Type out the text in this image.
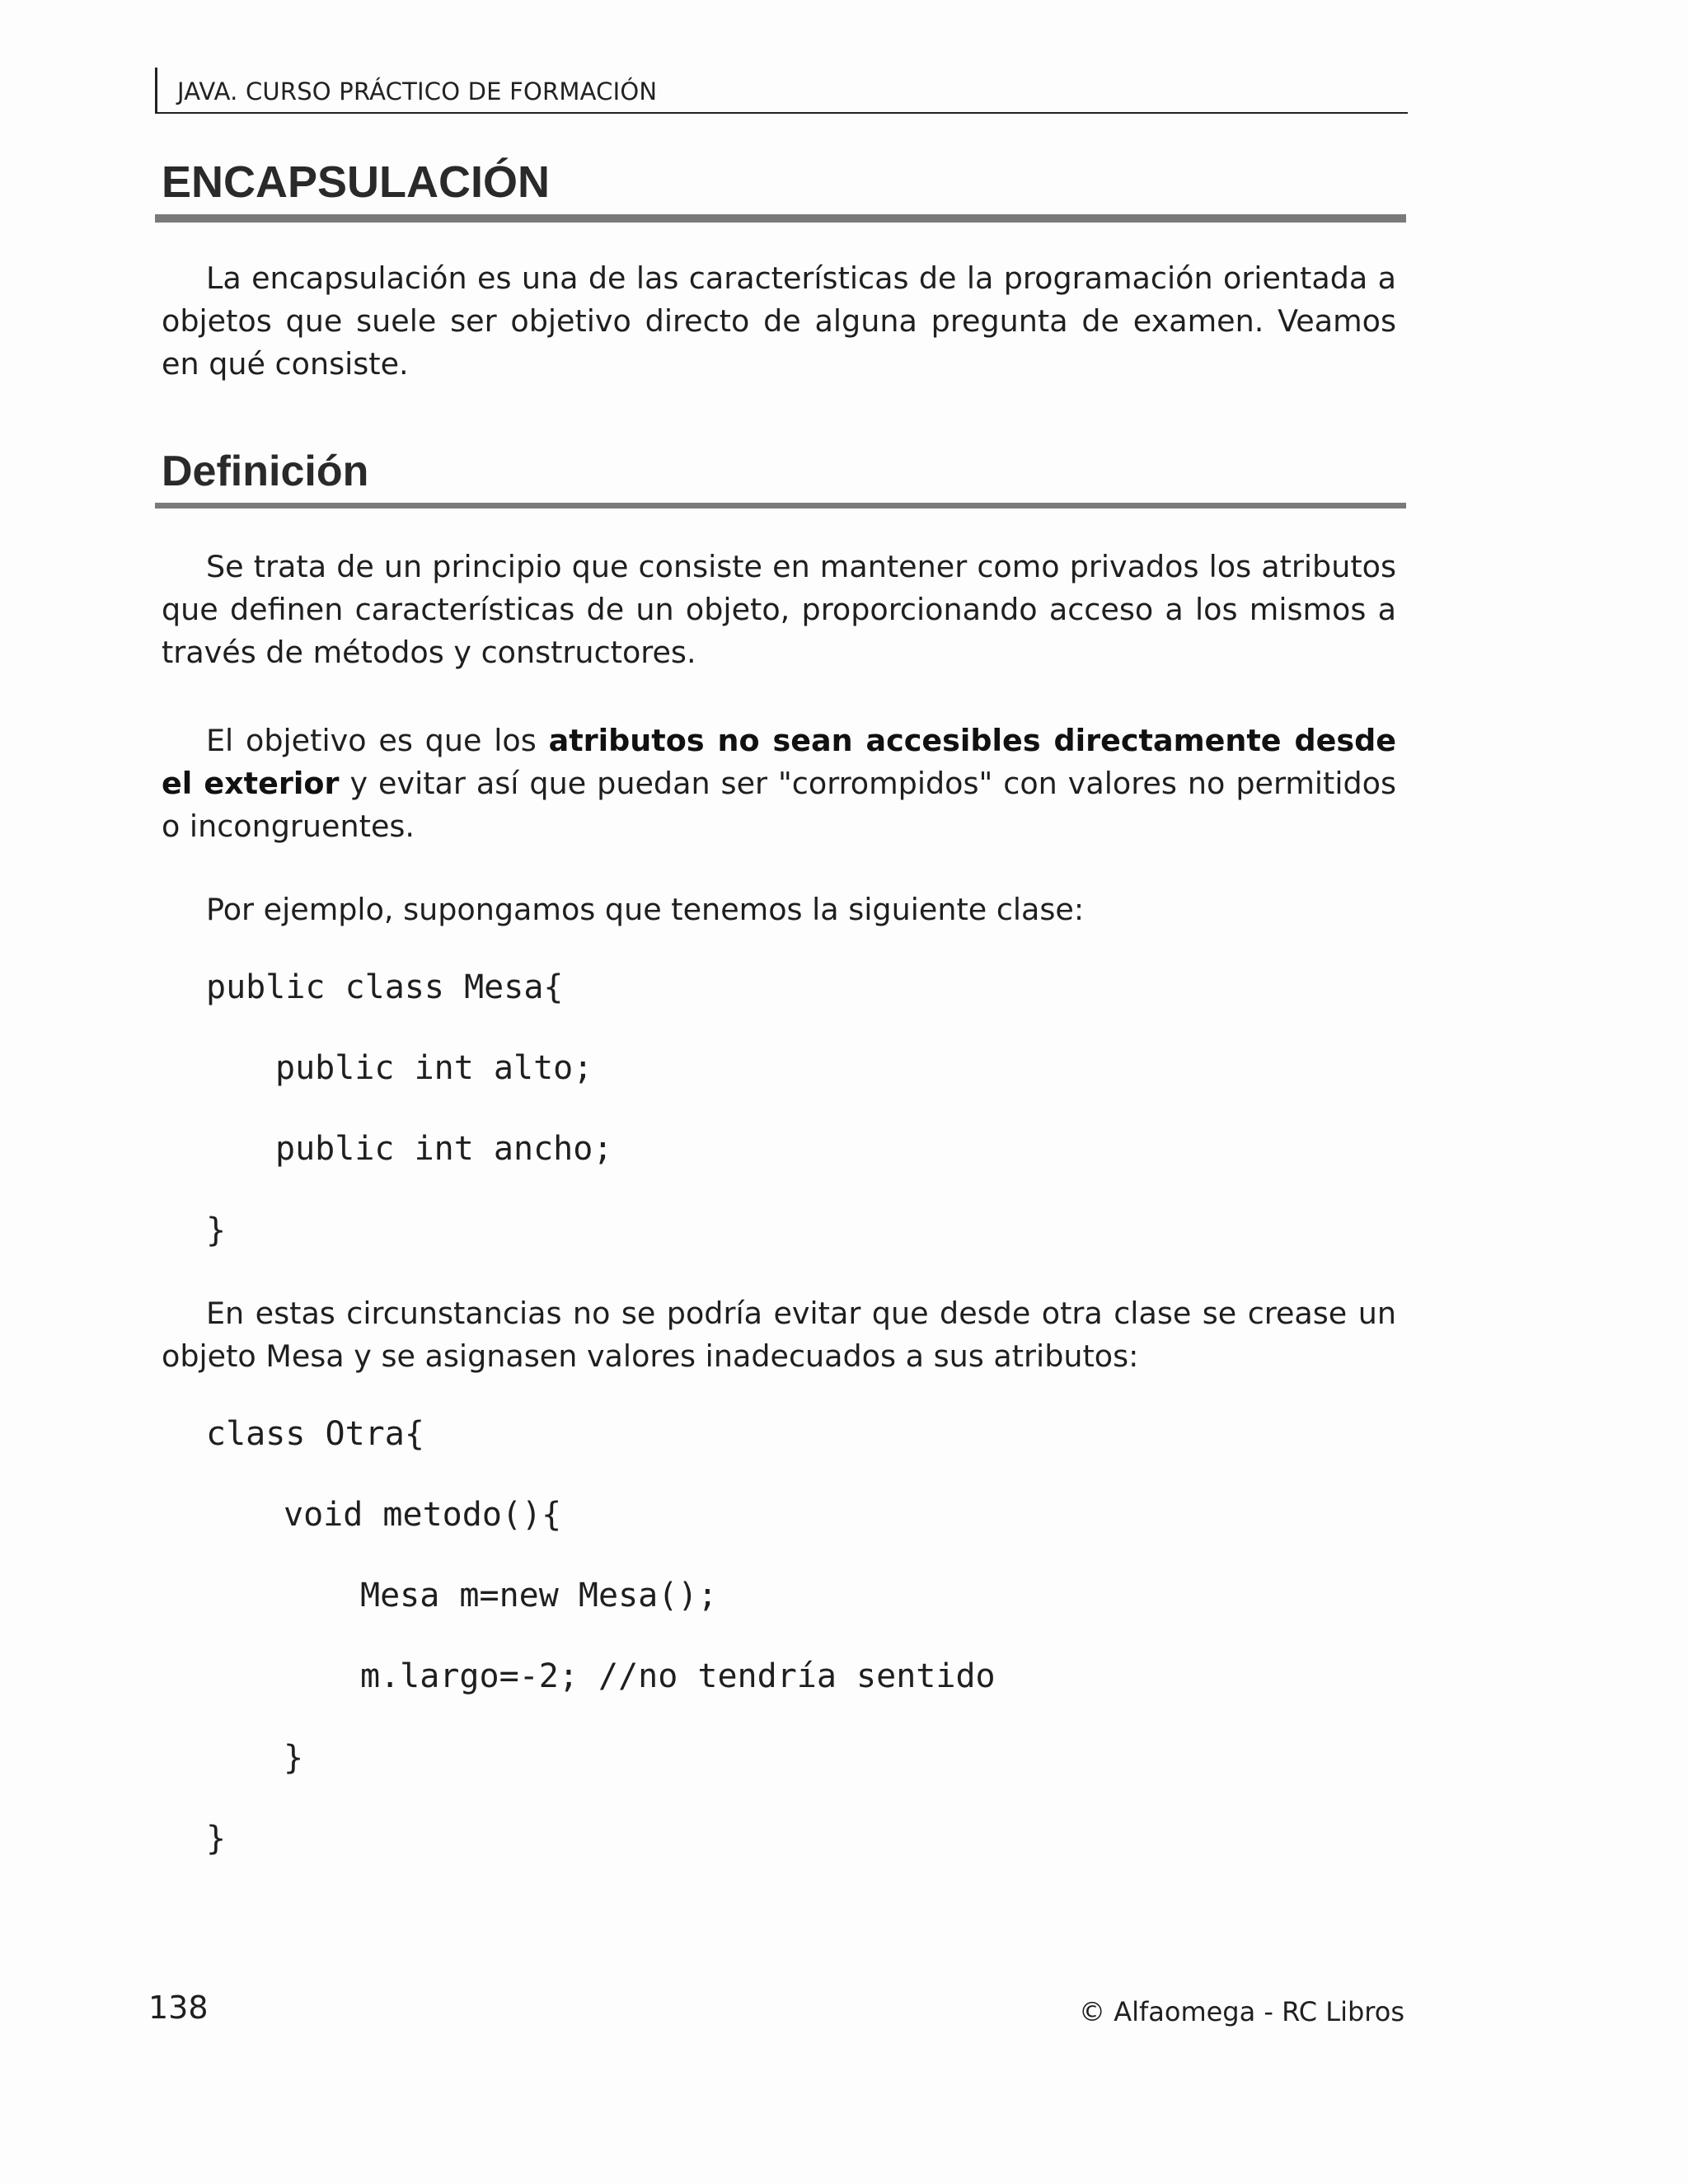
JAVA. CURSO PRÁCTICO DE FORMACIÓN
ENCAPSULACIÓN
La encapsulación es una de las características de la programación orientada a objetos que suele ser objetivo directo de alguna pregunta de examen. Veamos en qué consiste.
Definición
Se trata de un principio que consiste en mantener como privados los atributos que definen características de un objeto, proporcionando acceso a los mismos a través de métodos y constructores.
El objetivo es que los atributos no sean accesibles directamente desde el exterior y evitar así que puedan ser "corrompidos" con valores no permitidos o incongruentes.
Por ejemplo, supongamos que tenemos la siguiente clase:
public class Mesa{
public int alto;
public int ancho;
}
En estas circunstancias no se podría evitar que desde otra clase se crease un objeto Mesa y se asignasen valores inadecuados a sus atributos:
class Otra{
void metodo(){
Mesa m=new Mesa();
m.largo=-2; //no tendría sentido
}
}
138	© Alfaomega - RC Libros
